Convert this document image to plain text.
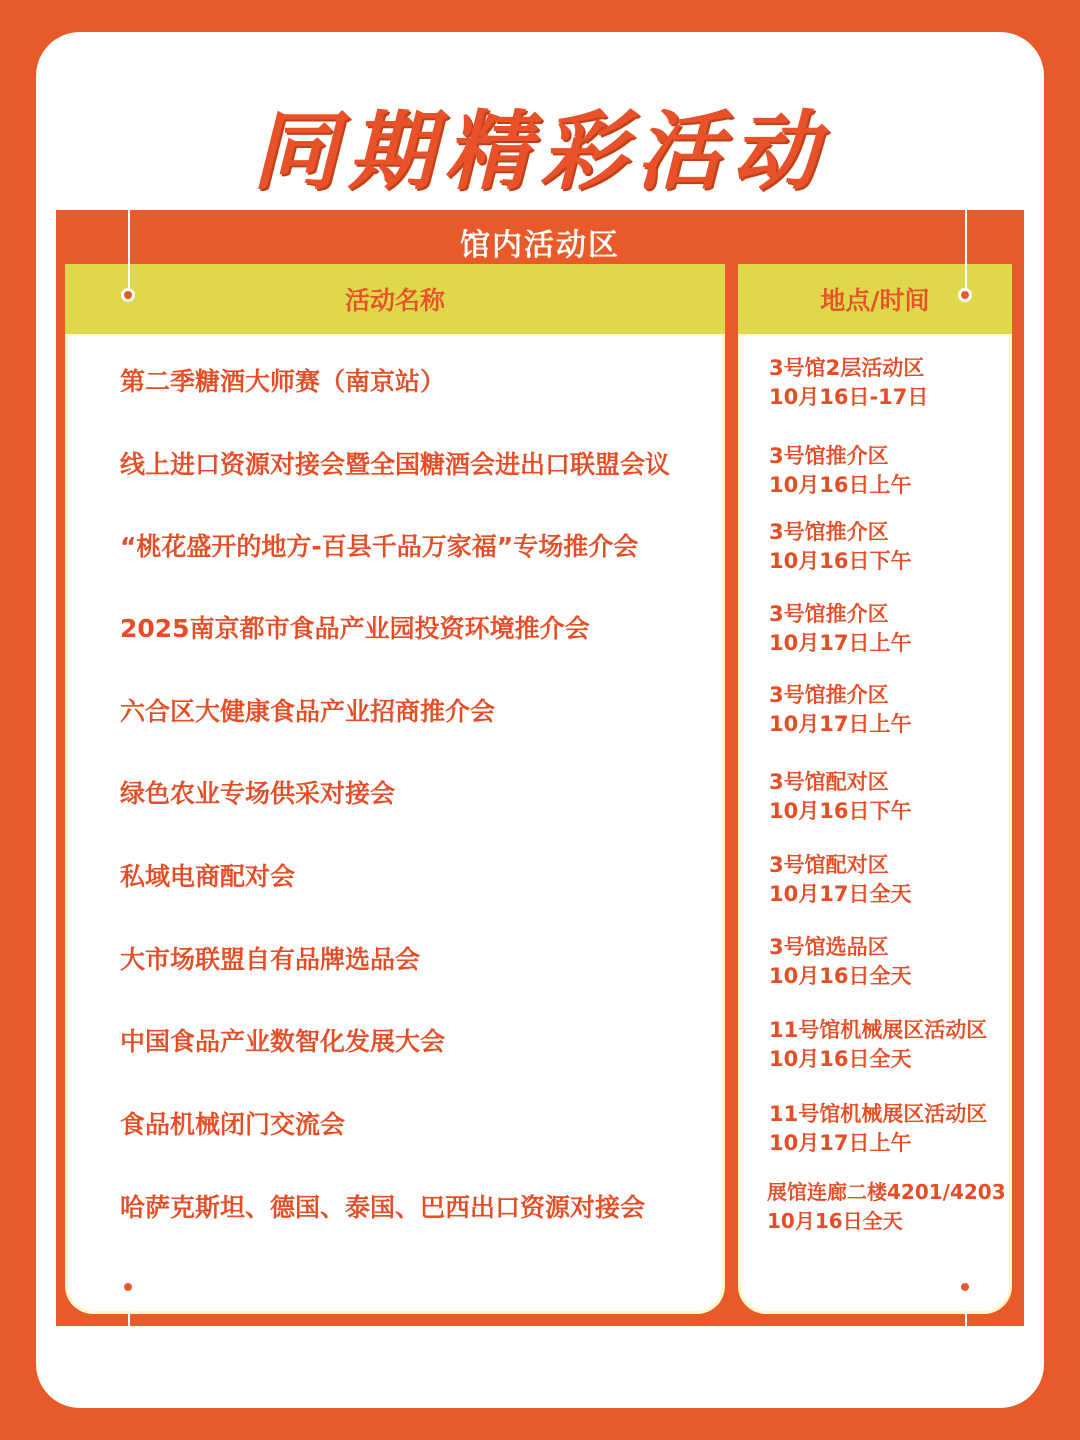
同期精彩活动
馆内活动区
活动名称
第二季糖酒大师赛（南京站）
线上进口资源对接会暨全国糖酒会进出口联盟会议
“桃花盛开的地方-百县千品万家福”专场推介会
2025南京都市食品产业园投资环境推介会
六合区大健康食品产业招商推介会
绿色农业专场供采对接会
私域电商配对会
大市场联盟自有品牌选品会
中国食品产业数智化发展大会
食品机械闭门交流会
哈萨克斯坦、德国、泰国、巴西出口资源对接会
地点/时间
3号馆2层活动区
10月16日-17日
3号馆推介区
10月16日上午
3号馆推介区
10月16日下午
3号馆推介区
10月17日上午
3号馆推介区
10月17日上午
3号馆配对区
10月16日下午
3号馆配对区
10月17日全天
3号馆选品区
10月16日全天
11号馆机械展区活动区
10月16日全天
11号馆机械展区活动区
10月17日上午
展馆连廊二楼4201/4203
10月16日全天
